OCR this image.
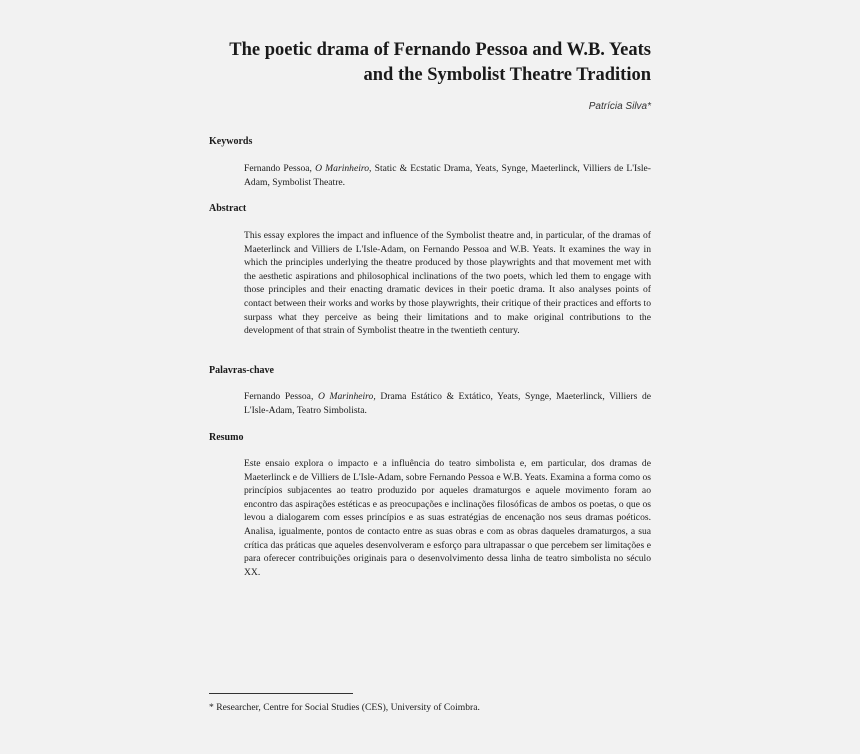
The poetic drama of Fernando Pessoa and W.B. Yeats
and the Symbolist Theatre Tradition
Patrícia Silva*
Keywords
Fernando Pessoa, O Marinheiro, Static & Ecstatic Drama, Yeats, Synge, Maeterlinck, Villiers de L'Isle-Adam, Symbolist Theatre.
Abstract
This essay explores the impact and influence of the Symbolist theatre and, in particular, of the dramas of Maeterlinck and Villiers de L'Isle-Adam, on Fernando Pessoa and W.B. Yeats. It examines the way in which the principles underlying the theatre produced by those playwrights and that movement met with the aesthetic aspirations and philosophical inclinations of the two poets, which led them to engage with those principles and their enacting dramatic devices in their poetic drama. It also analyses points of contact between their works and works by those playwrights, their critique of their practices and efforts to surpass what they perceive as being their limitations and to make original contributions to the development of that strain of Symbolist theatre in the twentieth century.
Palavras-chave
Fernando Pessoa, O Marinheiro, Drama Estático & Extático, Yeats, Synge, Maeterlinck, Villiers de L'Isle-Adam, Teatro Simbolista.
Resumo
Este ensaio explora o impacto e a influência do teatro simbolista e, em particular, dos dramas de Maeterlinck e de Villiers de L'Isle-Adam, sobre Fernando Pessoa e W.B. Yeats. Examina a forma como os princípios subjacentes ao teatro produzido por aqueles dramaturgos e aquele movimento foram ao encontro das aspirações estéticas e as preocupações e inclinações filosóficas de ambos os poetas, o que os levou a dialogarem com esses princípios e as suas estratégias de encenação nos seus dramas poéticos. Analisa, igualmente, pontos de contacto entre as suas obras e com as obras daqueles dramaturgos, a sua crítica das práticas que aqueles desenvolveram e esforço para ultrapassar o que percebem ser limitações e para oferecer contribuições originais para o desenvolvimento dessa linha de teatro simbolista no século XX.
* Researcher, Centre for Social Studies (CES), University of Coimbra.
